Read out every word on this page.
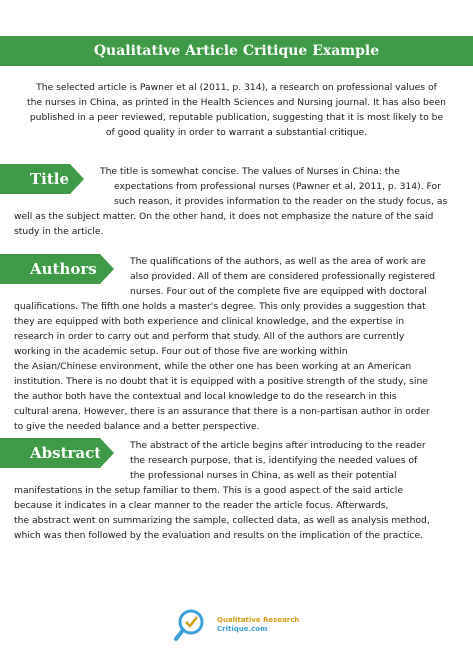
Qualitative Article Critique Example
The selected article is Pawner et al (2011, p. 314), a research on professional values of
the nurses in China, as printed in the Health Sciences and Nursing journal. It has also been
published in a peer reviewed, reputable publication, suggesting that it is most likely to be
of good quality in order to warrant a substantial critique.
Title	The title is somewhat concise. The values of Nurses in China: the
expectations from professional nurses (Pawner et al, 2011, p. 314). For
such reason, it provides information to the reader on the study focus, as
well as the subject matter. On the other hand, it does not emphasize the nature of the said
study in the article.
Authors	The qualifications of the authors, as well as the area of work are
also provided. All of them are considered professionally registered
nurses. Four out of the complete five are equipped with doctoral
qualifications. The fifth one holds a master's degree. This only provides a suggestion that
they are equipped with both experience and clinical knowledge, and the expertise in
research in order to carry out and perform that study. All of the authors are currently
working in the academic setup. Four out of those five are working within
the Asian/Chinese environment, while the other one has been working at an American
institution. There is no doubt that it is equipped with a positive strength of the study, sine
the author both have the contextual and local knowledge to do the research in this
cultural arena. However, there is an assurance that there is a non-partisan author in order
to give the needed balance and a better perspective.
Abstract	The abstract of the article begins after introducing to the reader
the research purpose, that is, identifying the needed values of
the professional nurses in China, as well as their potential
manifestations in the setup familiar to them. This is a good aspect of the said article
because it indicates in a clear manner to the reader the article focus. Afterwards,
the abstract went on summarizing the sample, collected data, as well as analysis method,
which was then followed by the evaluation and results on the implication of the practice.
Qualitative Research
Critique.com
